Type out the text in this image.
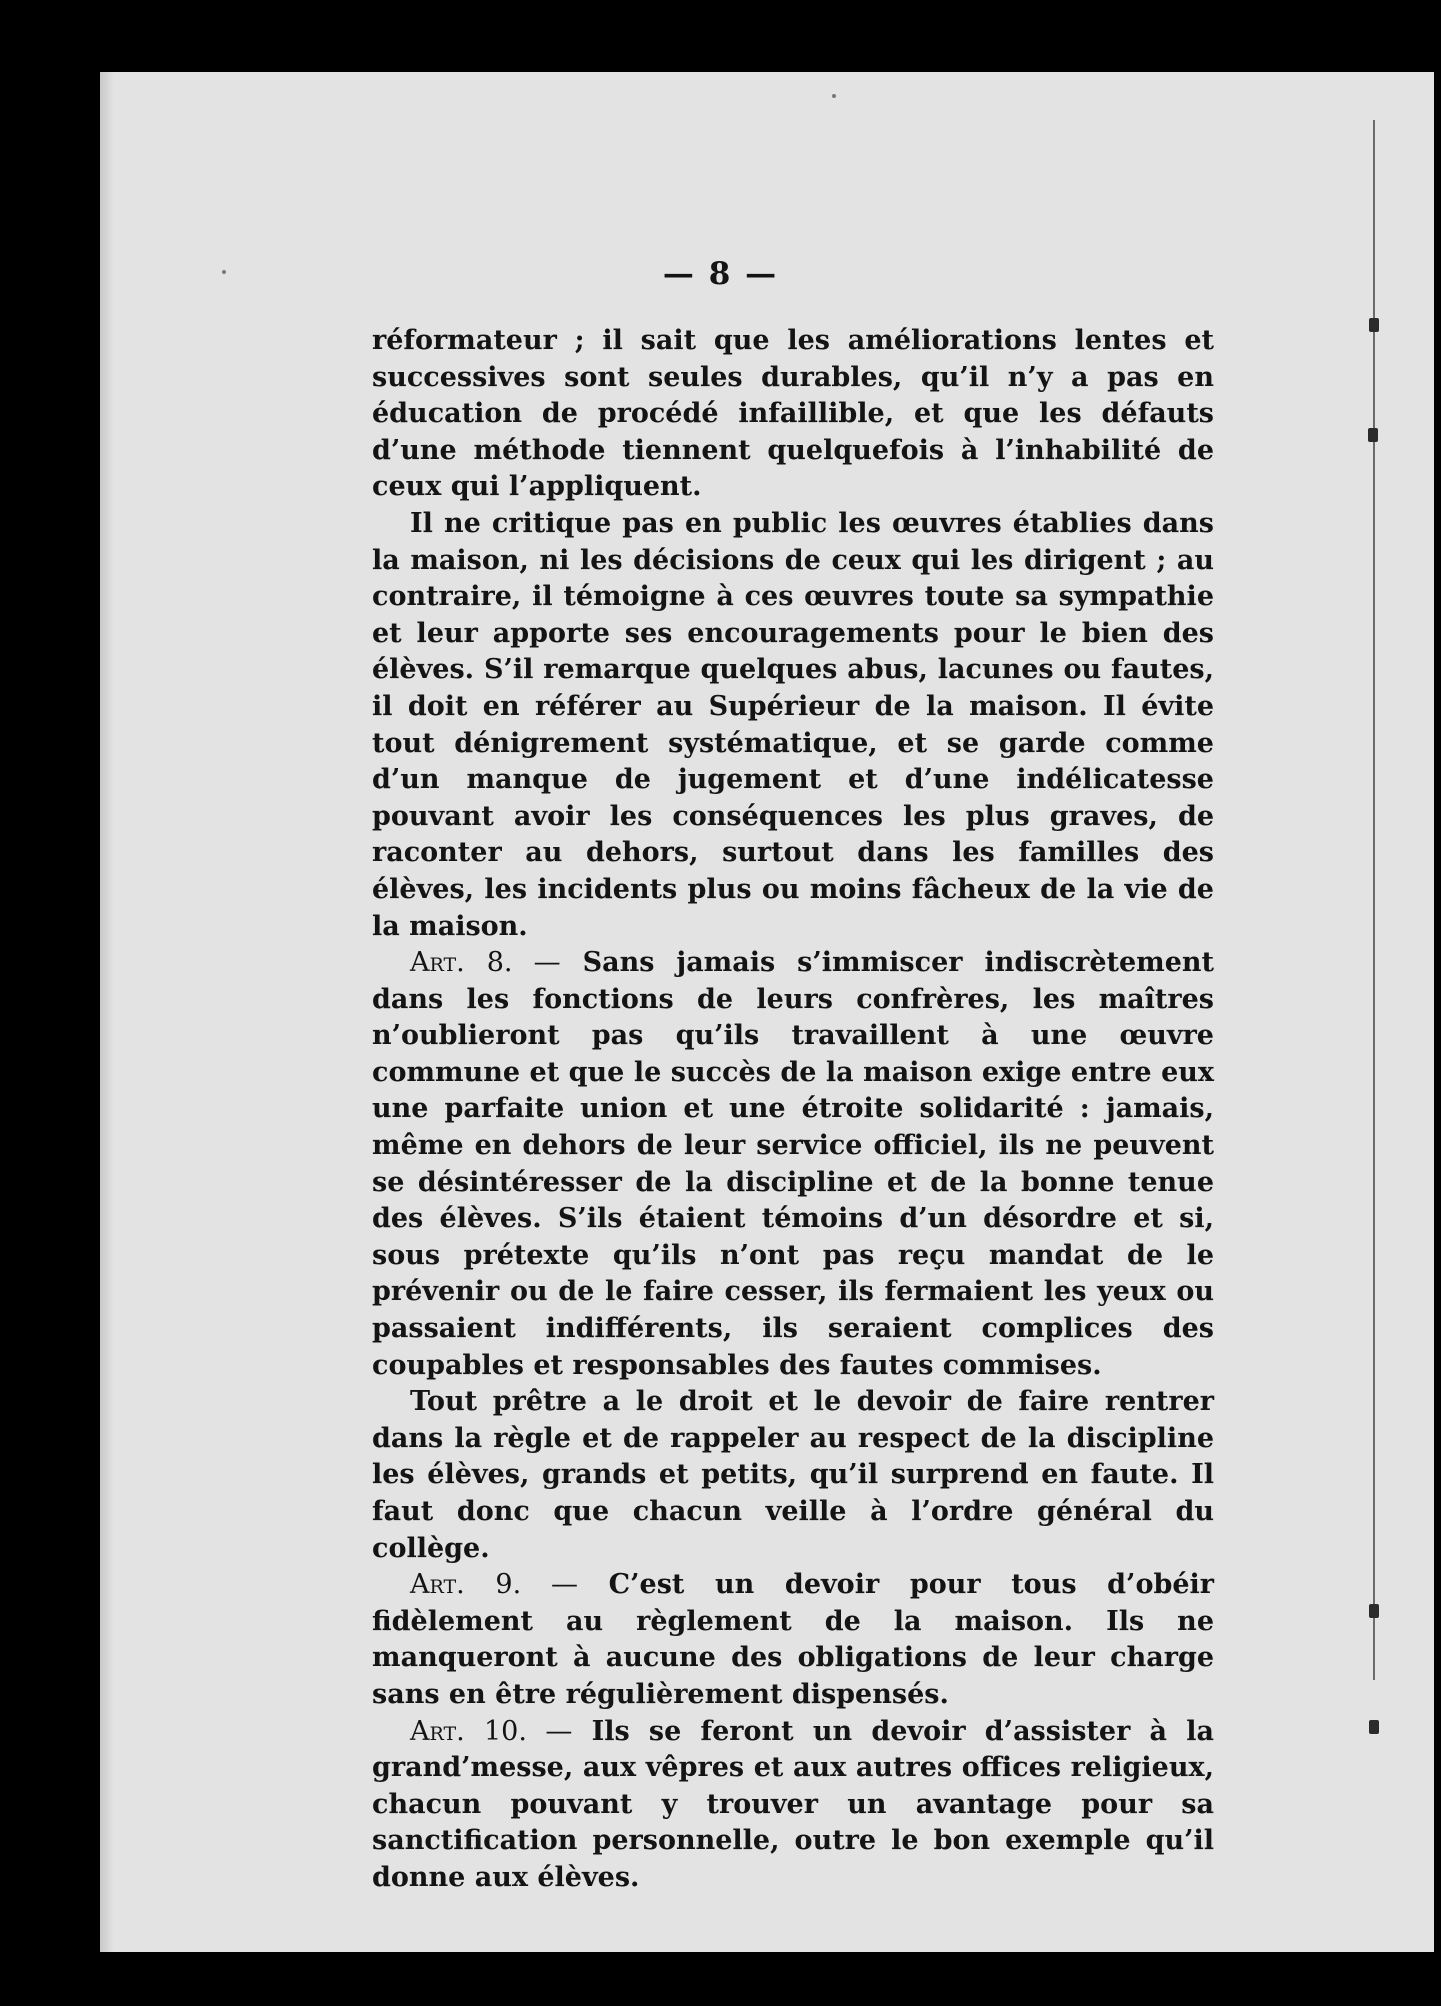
— 8 —

réformateur ; il sait que les améliorations lentes et successives sont seules durables, qu’il n’y a pas en éducation de procédé infaillible, et que les défauts d’une méthode tiennent quelquefois à l’inhabilité de ceux qui l’appliquent.

Il ne critique pas en public les œuvres établies dans la maison, ni les décisions de ceux qui les dirigent ; au contraire, il témoigne à ces œuvres toute sa sympathie et leur apporte ses encouragements pour le bien des élèves. S’il remarque quelques abus, lacunes ou fautes, il doit en référer au Supérieur de la maison. Il évite tout dénigrement systématique, et se garde comme d’un manque de jugement et d’une indélicatesse pouvant avoir les conséquences les plus graves, de raconter au dehors, surtout dans les familles des élèves, les incidents plus ou moins fâcheux de la vie de la maison.

Art. 8. — Sans jamais s’immiscer indiscrètement dans les fonctions de leurs confrères, les maîtres n’oublieront pas qu’ils travaillent à une œuvre commune et que le succès de la maison exige entre eux une parfaite union et une étroite solidarité : jamais, même en dehors de leur service officiel, ils ne peuvent se désintéresser de la discipline et de la bonne tenue des élèves. S’ils étaient témoins d’un désordre et si, sous prétexte qu’ils n’ont pas reçu mandat de le prévenir ou de le faire cesser, ils fermaient les yeux ou passaient indifférents, ils seraient complices des coupables et responsables des fautes commises.

Tout prêtre a le droit et le devoir de faire rentrer dans la règle et de rappeler au respect de la discipline les élèves, grands et petits, qu’il surprend en faute. Il faut donc que chacun veille à l’ordre général du collège.

Art. 9. — C’est un devoir pour tous d’obéir fidèlement au règlement de la maison. Ils ne manqueront à aucune des obligations de leur charge sans en être régulièrement dispensés.

Art. 10. — Ils se feront un devoir d’assister à la grand’messe, aux vêpres et aux autres offices religieux, chacun pouvant y trouver un avantage pour sa sanctification personnelle, outre le bon exemple qu’il donne aux élèves.
